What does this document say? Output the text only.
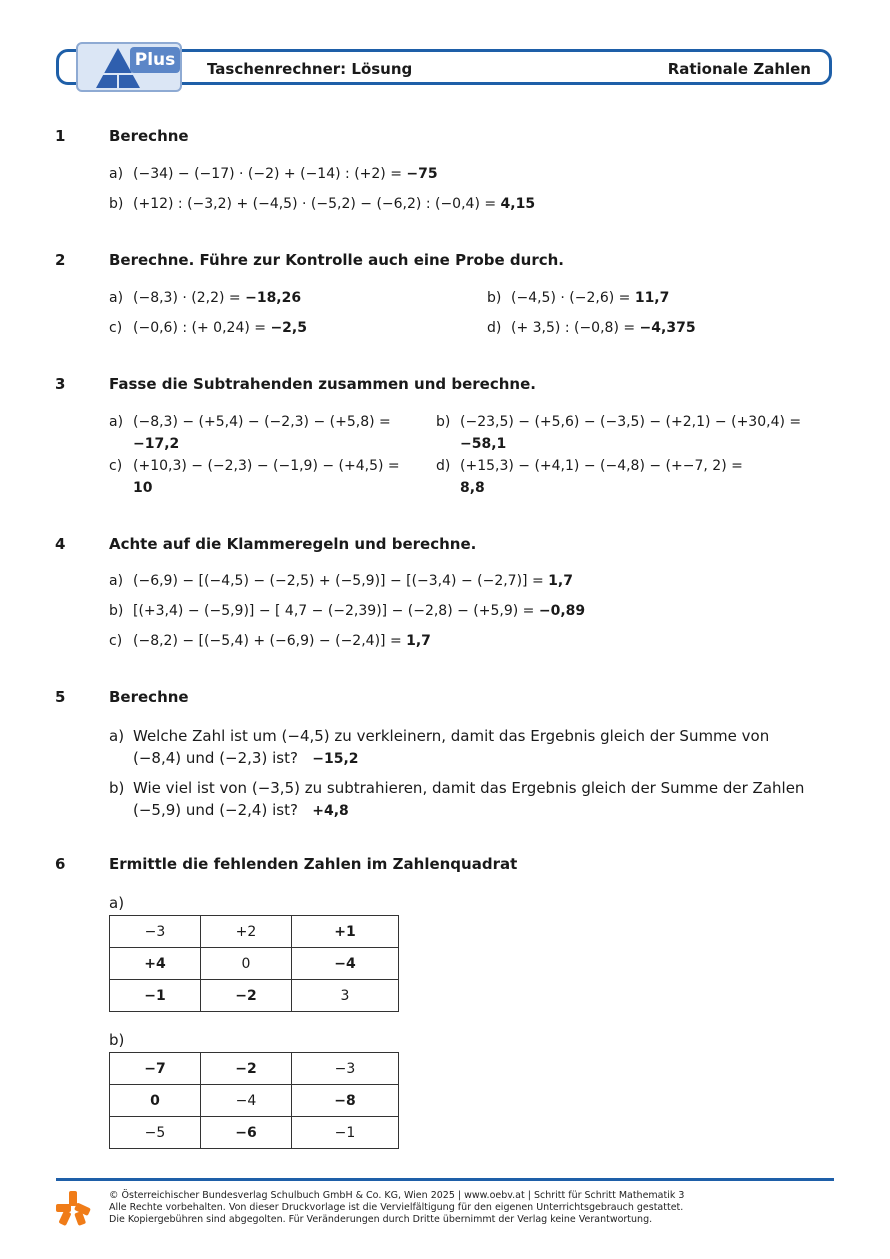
Taschenrechner: Lösung	Rationale Zahlen
Plus
1	Berechne
a) (−34) − (−17) · (−2) + (−14) : (+2) = −75
b) (+12) : (−3,2) + (−4,5) · (−5,2) − (−6,2) : (−0,4) = 4,15
2	Berechne. Führe zur Kontrolle auch eine Probe durch.
a) (−8,3) · (2,2) = −18,26	b) (−4,5) · (−2,6) = 11,7
c) (−0,6) : (+ 0,24) = −2,5	d) (+ 3,5) : (−0,8) = −4,375
3	Fasse die Subtrahenden zusammen und berechne.
a) (−8,3) − (+5,4) − (−2,3) − (+5,8) =
−17,2
b) (−23,5) − (+5,6) − (−3,5) − (+2,1) − (+30,4) =
−58,1
c) (+10,3) − (−2,3) − (−1,9) − (+4,5) =
10
d) (+15,3) − (+4,1) − (−4,8) − (+−7, 2) =
8,8
4	Achte auf die Klammeregeln und berechne.
a) (−6,9) − [(−4,5) − (−2,5) + (−5,9)] − [(−3,4) − (−2,7)] = 1,7
b) [(+3,4) − (−5,9)] − [ 4,7 − (−2,39)] − (−2,8) − (+5,9) = −0,89
c) (−8,2) − [(−5,4) + (−6,9) − (−2,4)] = 1,7
5	Berechne
a) Welche Zahl ist um (−4,5) zu verkleinern, damit das Ergebnis gleich der Summe von
(−8,4) und (−2,3) ist? −15,2
b) Wie viel ist von (−3,5) zu subtrahieren, damit das Ergebnis gleich der Summe der Zahlen
(−5,9) und (−2,4) ist? +4,8
6	Ermittle die fehlenden Zahlen im Zahlenquadrat
a)
−3	+2	+1
+4	0	−4
−1	−2	3
b)
−7	−2	−3
0	−4	−8
−5	−6	−1
© Österreichischer Bundesverlag Schulbuch GmbH & Co. KG, Wien 2025 | www.oebv.at | Schritt für Schritt Mathematik 3
Alle Rechte vorbehalten. Von dieser Druckvorlage ist die Vervielfältigung für den eigenen Unterrichtsgebrauch gestattet.
Die Kopiergebühren sind abgegolten. Für Veränderungen durch Dritte übernimmt der Verlag keine Verantwortung.
